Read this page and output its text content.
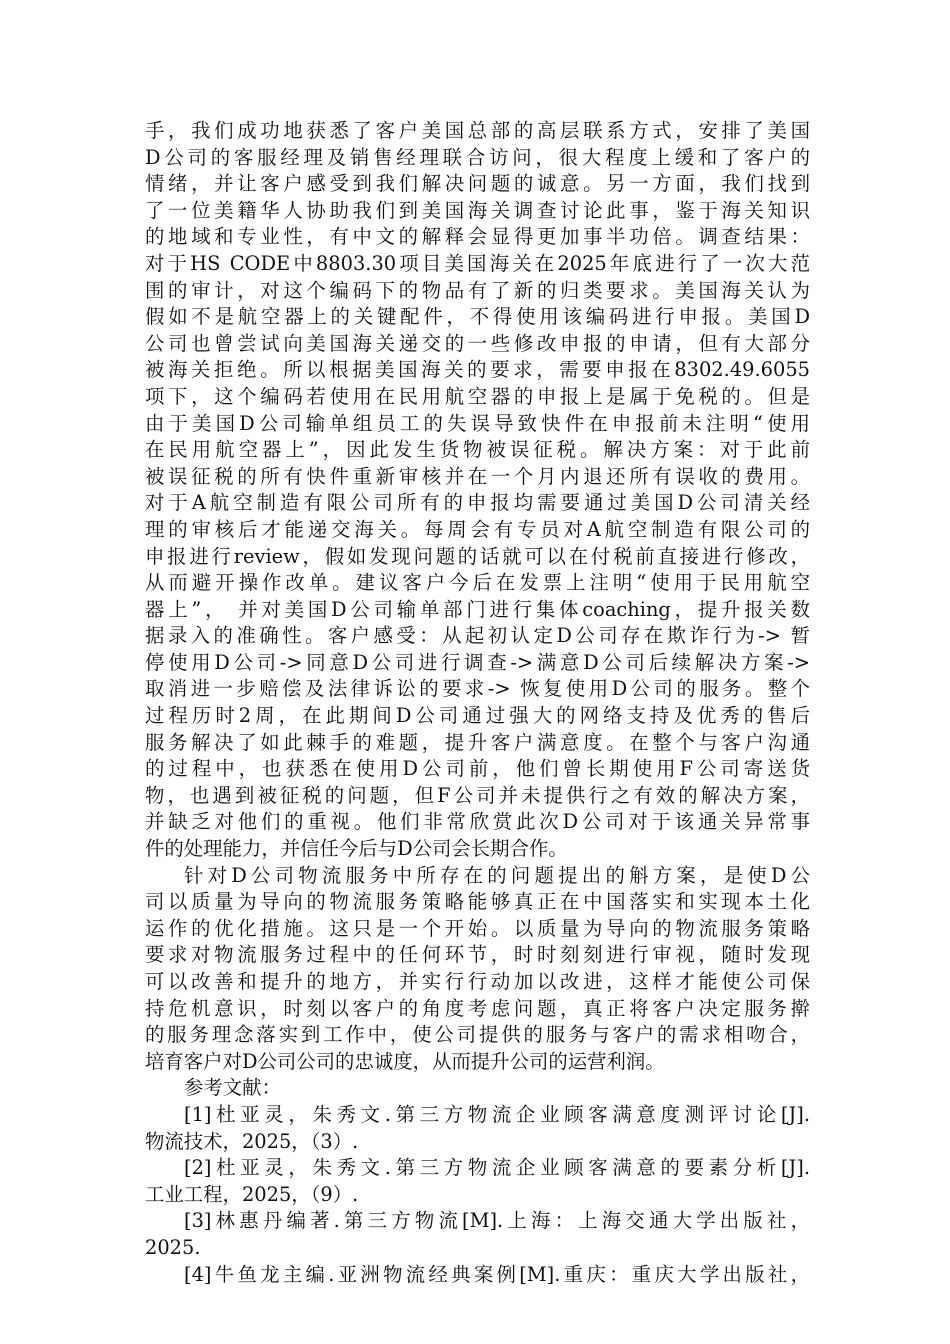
手，我们成功地获悉了客户美国总部的高层联系方式，安排了美国
D公司的客服经理及销售经理联合访问，很大程度上缓和了客户的
情绪，并让客户感受到我们解决问题的诚意。另一方面，我们找到
了一位美籍华人协助我们到美国海关调查讨论此事，鉴于海关知识
的地域和专业性，有中文的解释会显得更加事半功倍。调查结果：
对于HS CODE中8803.30项目美国海关在2025年底进行了一次大范
围的审计，对这个编码下的物品有了新的归类要求。美国海关认为
假如不是航空器上的关键配件，不得使用该编码进行申报。美国D
公司也曾尝试向美国海关递交的一些修改申报的申请，但有大部分
被海关拒绝。所以根据美国海关的要求，需要申报在8302.49.6055
项下，这个编码若使用在民用航空器的申报上是属于免税的。但是
由于美国D公司输单组员工的失误导致快件在申报前未注明“使用
在民用航空器上”，因此发生货物被误征税。解决方案：对于此前
被误征税的所有快件重新审核并在一个月内退还所有误收的费用。
对于A航空制造有限公司所有的申报均需要通过美国D公司清关经
理的审核后才能递交海关。每周会有专员对A航空制造有限公司的
申报进行review，假如发现问题的话就可以在付税前直接进行修改，
从而避开操作改单。建议客户今后在发票上注明“使用于民用航空
器上”， 并对美国D公司输单部门进行集体coaching，提升报关数
据录入的准确性。客户感受：从起初认定D公司存在欺诈行为-> 暂
停使用D公司->同意D公司进行调查->满意D公司后续解决方案->
取消进一步赔偿及法律诉讼的要求-> 恢复使用D公司的服务。整个
过程历时2周，在此期间D公司通过强大的网络支持及优秀的售后
服务解决了如此棘手的难题，提升客户满意度。在整个与客户沟通
的过程中，也获悉在使用D公司前，他们曾长期使用F公司寄送货
物，也遇到被征税的问题，但F公司并未提供行之有效的解决方案，
并缺乏对他们的重视。他们非常欣赏此次D公司对于该通关异常事
件的处理能力，并信任今后与D公司会长期合作。
针对D公司物流服务中所存在的问题提出的斛方案，是使D公
司以质量为导向的物流服务策略能够真正在中国落实和实现本土化
运作的优化措施。这只是一个开始。以质量为导向的物流服务策略
要求对物流服务过程中的任何环节，时时刻刻进行审视，随时发现
可以改善和提升的地方，并实行行动加以改进，这样才能使公司保
持危机意识，时刻以客户的角度考虑问题，真正将客户决定服务擀
的服务理念落实到工作中，使公司提供的服务与客户的需求相吻合，
培育客户对D公司公司的忠诚度，从而提升公司的运营利润。
参考文献：
[1]杜亚灵，朱秀文.第三方物流企业顾客满意度测评讨论[J].
物流技术，2025，（3）.
[2]杜亚灵，朱秀文.第三方物流企业顾客满意的要素分析[J].
工业工程，2025，（9）.
[3]林惠丹编著.第三方物流[M].上海：上海交通大学出版社，
2025.
[4]牛鱼龙主编.亚洲物流经典案例[M].重庆：重庆大学出版社，
